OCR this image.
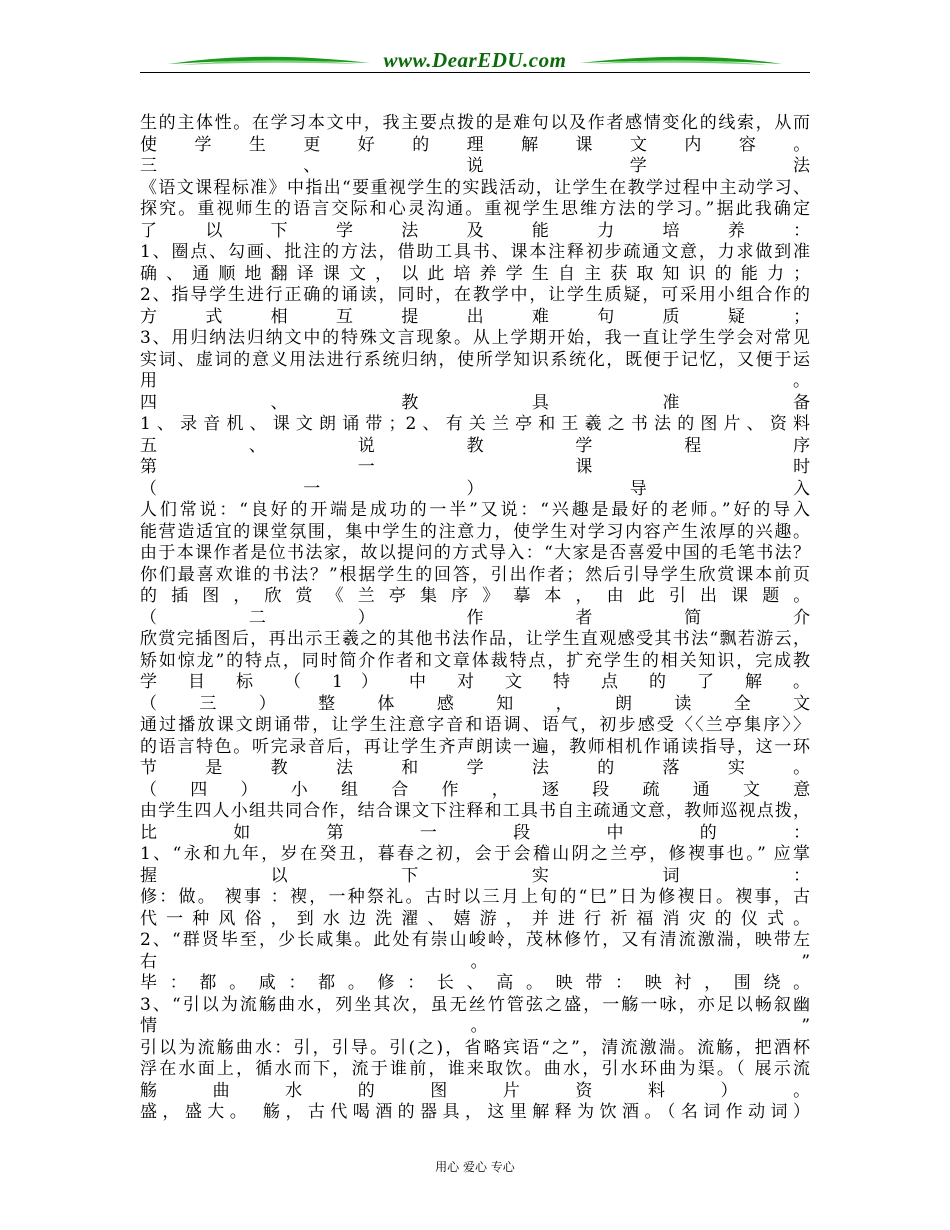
www.DearEDU.com
生的主体性。在学习本文中，我主要点拨的是难句以及作者感情变化的线索，从而
使 学 生 更 好 的 理 解 课 文 内 容 。
三	、	说	学	法
《语文课程标准》中指出“要重视学生的实践活动，让学生在教学过程中主动学习、
探究。重视师生的语言交际和心灵沟通。重视学生思维方法的学习。”据此我确定
了 以 下 学 法 及 能 力 培 养 ：
1、圈点、勾画、批注的方法，借助工具书、课本注释初步疏通文意，力求做到准
确 、 通 顺 地 翻 译 课 文 ， 以 此 培 养 学 生 自 主 获 取 知 识 的 能 力 ；
2、指导学生进行正确的诵读，同时，在教学中，让学生质疑，可采用小组合作的
方 式 相 互 提 出 难 句 质 疑 ；
3、用归纳法归纳文中的特殊文言现象。从上学期开始，我一直让学生学会对常见
实词、虚词的意义用法进行系统归纳，使所学知识系统化，既便于记忆，又便于运
用	。
四	、	教	具	准	备
1、录音机、课文朗诵带；2、有关兰亭和王羲之书法的图片、资料
五	、	说	教	学	程	序
第	一	课	时
（	一	）	导	入
人们常说：“良好的开端是成功的一半”又说：“兴趣是最好的老师。”好的导入
能营造适宜的课堂氛围，集中学生的注意力，使学生对学习内容产生浓厚的兴趣。
由于本课作者是位书法家，故以提问的方式导入：“大家是否喜爱中国的毛笔书法？
你们最喜欢谁的书法？”根据学生的回答，引出作者；然后引导学生欣赏课本前页
的 插 图 ， 欣 赏 《 兰 亭 集 序 》 摹 本 ， 由 此 引 出 课 题 。
（	二	）	作	者	简	介
欣赏完插图后，再出示王羲之的其他书法作品，让学生直观感受其书法“飘若游云，
矫如惊龙”的特点，同时简介作者和文章体裁特点，扩充学生的相关知识，完成教
学 目 标 （ 1 ） 中 对 文 特 点 的 了 解 。
（ 三 ） 整 体 感 知 ， 朗 读 全 文
通过播放课文朗诵带，让学生注意字音和语调、语气，初步感受〈〈兰亭集序〉〉
的语言特色。听完录音后，再让学生齐声朗读一遍，教师相机作诵读指导，这一环
节 是 教 法 和 学 法 的 落 实 。
（ 四 ） 小 组 合 作 ， 逐 段 疏 通 文 意
由学生四人小组共同合作，结合课文下注释和工具书自主疏通文意，教师巡视点拨，
比 如 第 一 段 中 的 ：
1、“永和九年，岁在癸丑，暮春之初，会于会稽山阴之兰亭，修褉事也。” 应掌
握	以	下	实	词	：
修：做。 褉事 ：褉，一种祭礼。古时以三月上旬的“巳”日为修褉日。褉事，古
代 一 种 风 俗 ， 到 水 边 洗 濯 、 嬉 游 ， 并 进 行 祈 福 消 灾 的 仪 式 。
2、“群贤毕至，少长咸集。此处有崇山峻岭，茂林修竹，又有清流激湍，映带左
右	。	”
毕 ： 都 。 咸 ： 都 。 修 ： 长 、 高 。 映 带 ： 映 衬 ， 围 绕 。
3、“引以为流觞曲水，列坐其次，虽无丝竹管弦之盛，一觞一咏，亦足以畅叙幽
情	。	”
引以为流觞曲水：引，引导。引(之)，省略宾语“之”，清流激湍。流觞，把酒杯
浮在水面上，循水而下，流于谁前，谁来取饮。曲水，引水环曲为渠。（ 展示流
觞 曲 水 的 图 片 资 料 ） 。
盛，盛大。 觞，古代喝酒的器具，这里解释为饮酒。（名词作动词）
用心 爱心 专心
